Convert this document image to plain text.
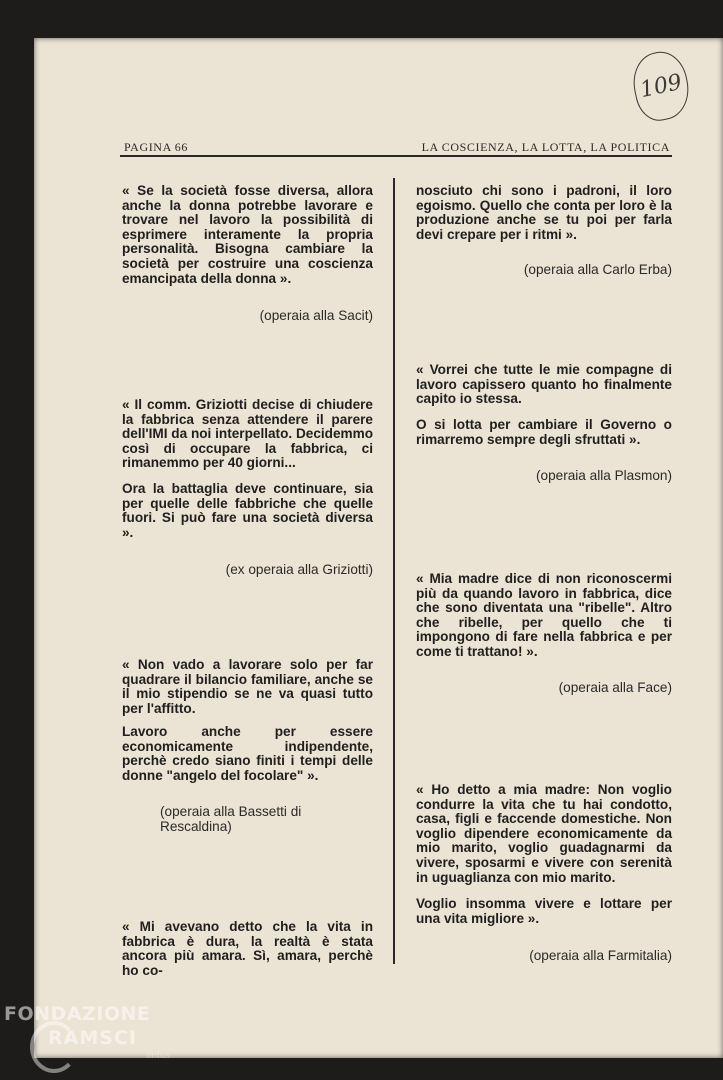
109
PAGINA 66	LA COSCIENZA, LA LOTTA, LA POLITICA

« Se la società fosse diversa, allora anche la donna potrebbe lavorare e trovare nel lavoro la possibilità di esprimere interamente la propria personalità. Bisogna cambiare la società per costruire una coscienza emancipata della donna ».

(operaia alla Sacit)

« Il comm. Griziotti decise di chiudere la fabbrica senza attendere il parere dell'IMI da noi interpellato. Decidemmo così di occupare la fabbrica, ci rimanemmo per 40 giorni...

Ora la battaglia deve continuare, sia per quelle delle fabbriche che quelle fuori. Si può fare una società diversa ».

(ex operaia alla Griziotti)

« Non vado a lavorare solo per far quadrare il bilancio familiare, anche se il mio stipendio se ne va quasi tutto per l'affitto.

Lavoro anche per essere economicamente indipendente, perchè credo siano finiti i tempi delle donne "angelo del focolare" ».

(operaia alla Bassetti di Rescaldina)

« Mi avevano detto che la vita in fabbrica è dura, la realtà è stata ancora più amara. Sì, amara, perchè ho co-

nosciuto chi sono i padroni, il loro egoismo. Quello che conta per loro è la produzione anche se tu poi per farla devi crepare per i ritmi ».

(operaia alla Carlo Erba)

« Vorrei che tutte le mie compagne di lavoro capissero quanto ho finalmente capito io stessa.

O si lotta per cambiare il Governo o rimarremo sempre degli sfruttati ».

(operaia alla Plasmon)

« Mia madre dice di non riconoscermi più da quando lavoro in fabbrica, dice che sono diventata una "ribelle". Altro che ribelle, per quello che ti impongono di fare nella fabbrica e per come ti trattano! ».

(operaia alla Face)

« Ho detto a mia madre: Non voglio condurre la vita che tu hai condotto, casa, figli e faccende domestiche. Non voglio dipendere economicamente da mio marito, voglio guadagnarmi da vivere, sposarmi e vivere con serenità in uguaglianza con mio marito.

Voglio insomma vivere e lottare per una vita migliore ».

(operaia alla Farmitalia)
FONDAZIONE
RAMSCI
onlus
